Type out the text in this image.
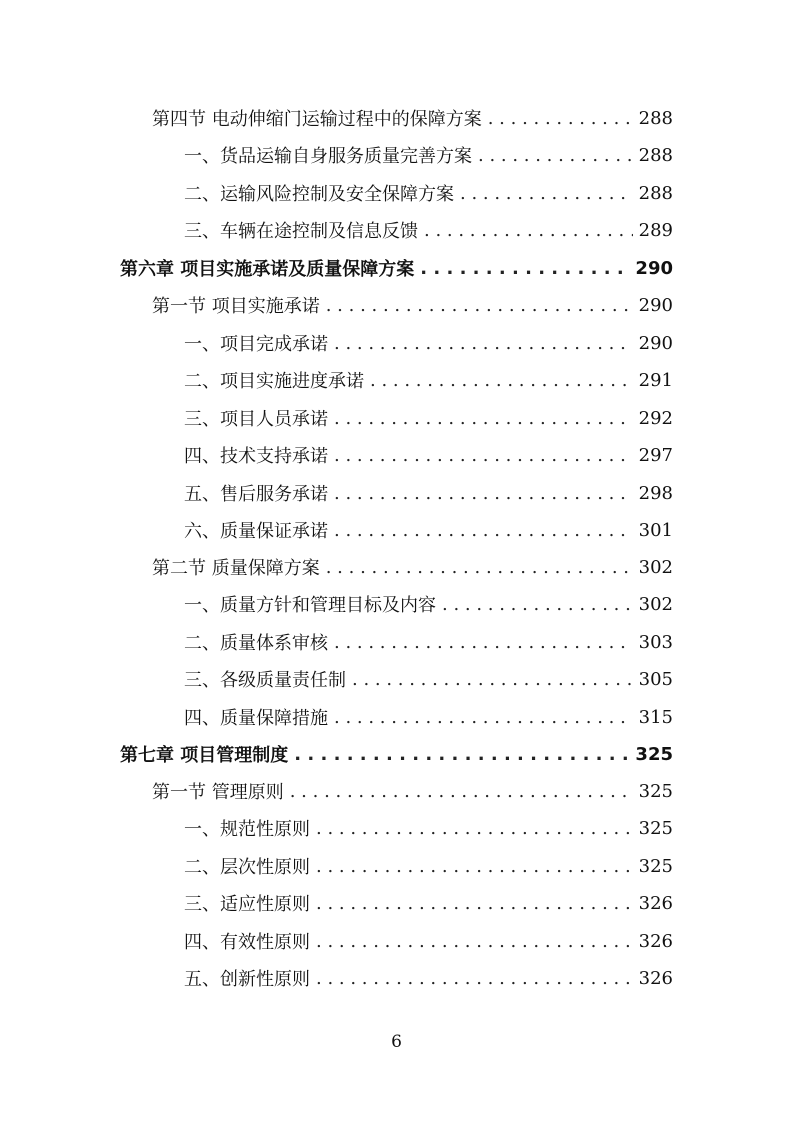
第四节 电动伸缩门运输过程中的保障方案 . . .	288
一、货品运输自身服务质量完善方案 . . .	288
二、运输风险控制及安全保障方案 . . .	288
三、车辆在途控制及信息反馈 . . .	289
第六章 项目实施承诺及质量保障方案 . . .	290
第一节 项目实施承诺 . . .	290
一、项目完成承诺 . . .	290
二、项目实施进度承诺 . . .	291
三、项目人员承诺 . . .	292
四、技术支持承诺 . . .	297
五、售后服务承诺 . . .	298
六、质量保证承诺 . . .	301
第二节 质量保障方案 . . .	302
一、质量方针和管理目标及内容 . . .	302
二、质量体系审核 . . .	303
三、各级质量责任制 . . .	305
四、质量保障措施 . . .	315
第七章 项目管理制度 . . .	325
第一节 管理原则 . . .	325
一、规范性原则 . . .	325
二、层次性原则 . . .	325
三、适应性原则 . . .	326
四、有效性原则 . . .	326
五、创新性原则 . . .	326
6
